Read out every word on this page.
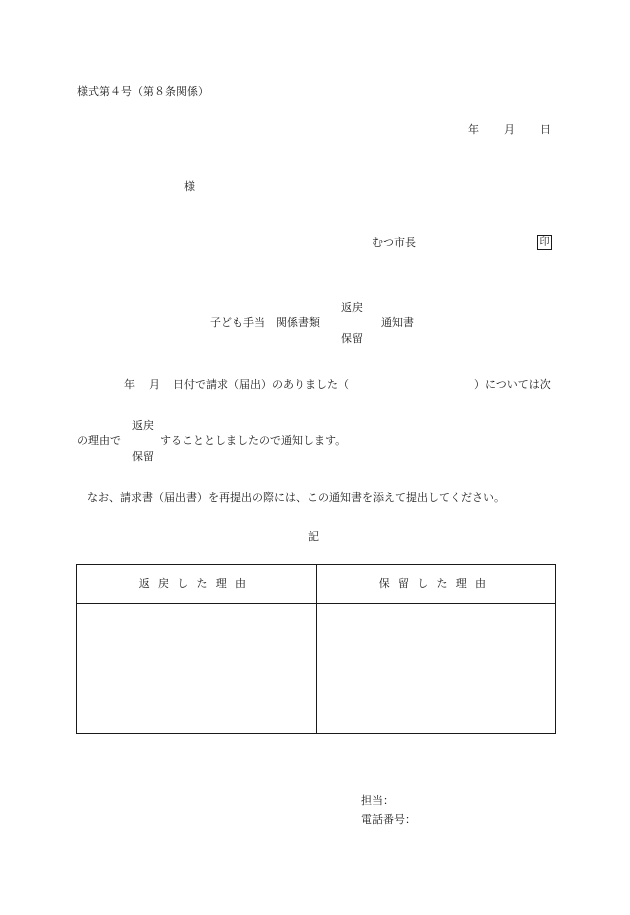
様式第４号（第８条関係）
年 月 日
様
むつ市長	印
子ども手当　関係書類
返戻
保留
通知書
年 月 日付で請求（届出）のありました（	）については次
の理由で
返戻
保留
することとしましたので通知します。
なお、請求書（届出書）を再提出の際には、この通知書を添えて提出してください。
記
返戻した理由	保留した理由
担当：
電話番号：
